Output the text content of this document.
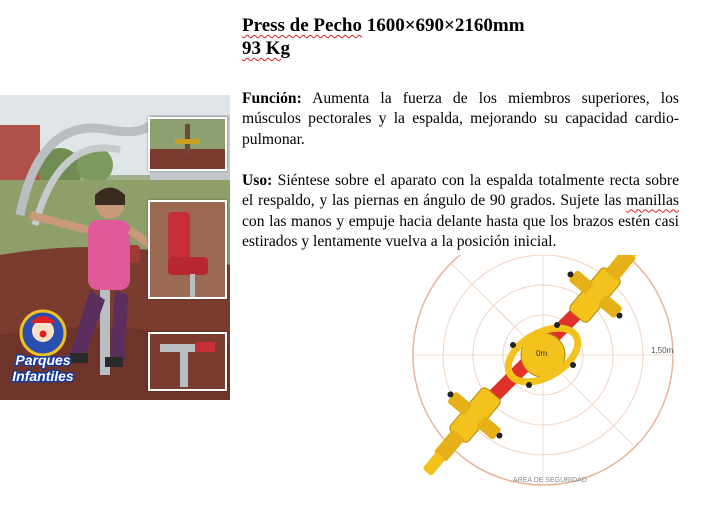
Press de Pecho 1600×690×2160mm
93 Kg
Función: Aumenta la fuerza de los miembros superiores, los músculos pectorales y la espalda, mejorando su capacidad cardio-pulmonar.
Uso: Siéntese sobre el aparato con la espalda totalmente recta sobre el respaldo, y las piernas en ángulo de 90 grados. Sujete las manillas con las manos y empuje hacia delante hasta que los brazos estén casi estirados y lentamente vuelva a la posición inicial.
Parques
Infantiles
0m	1,50m
AREA DE SEGURIDAD
